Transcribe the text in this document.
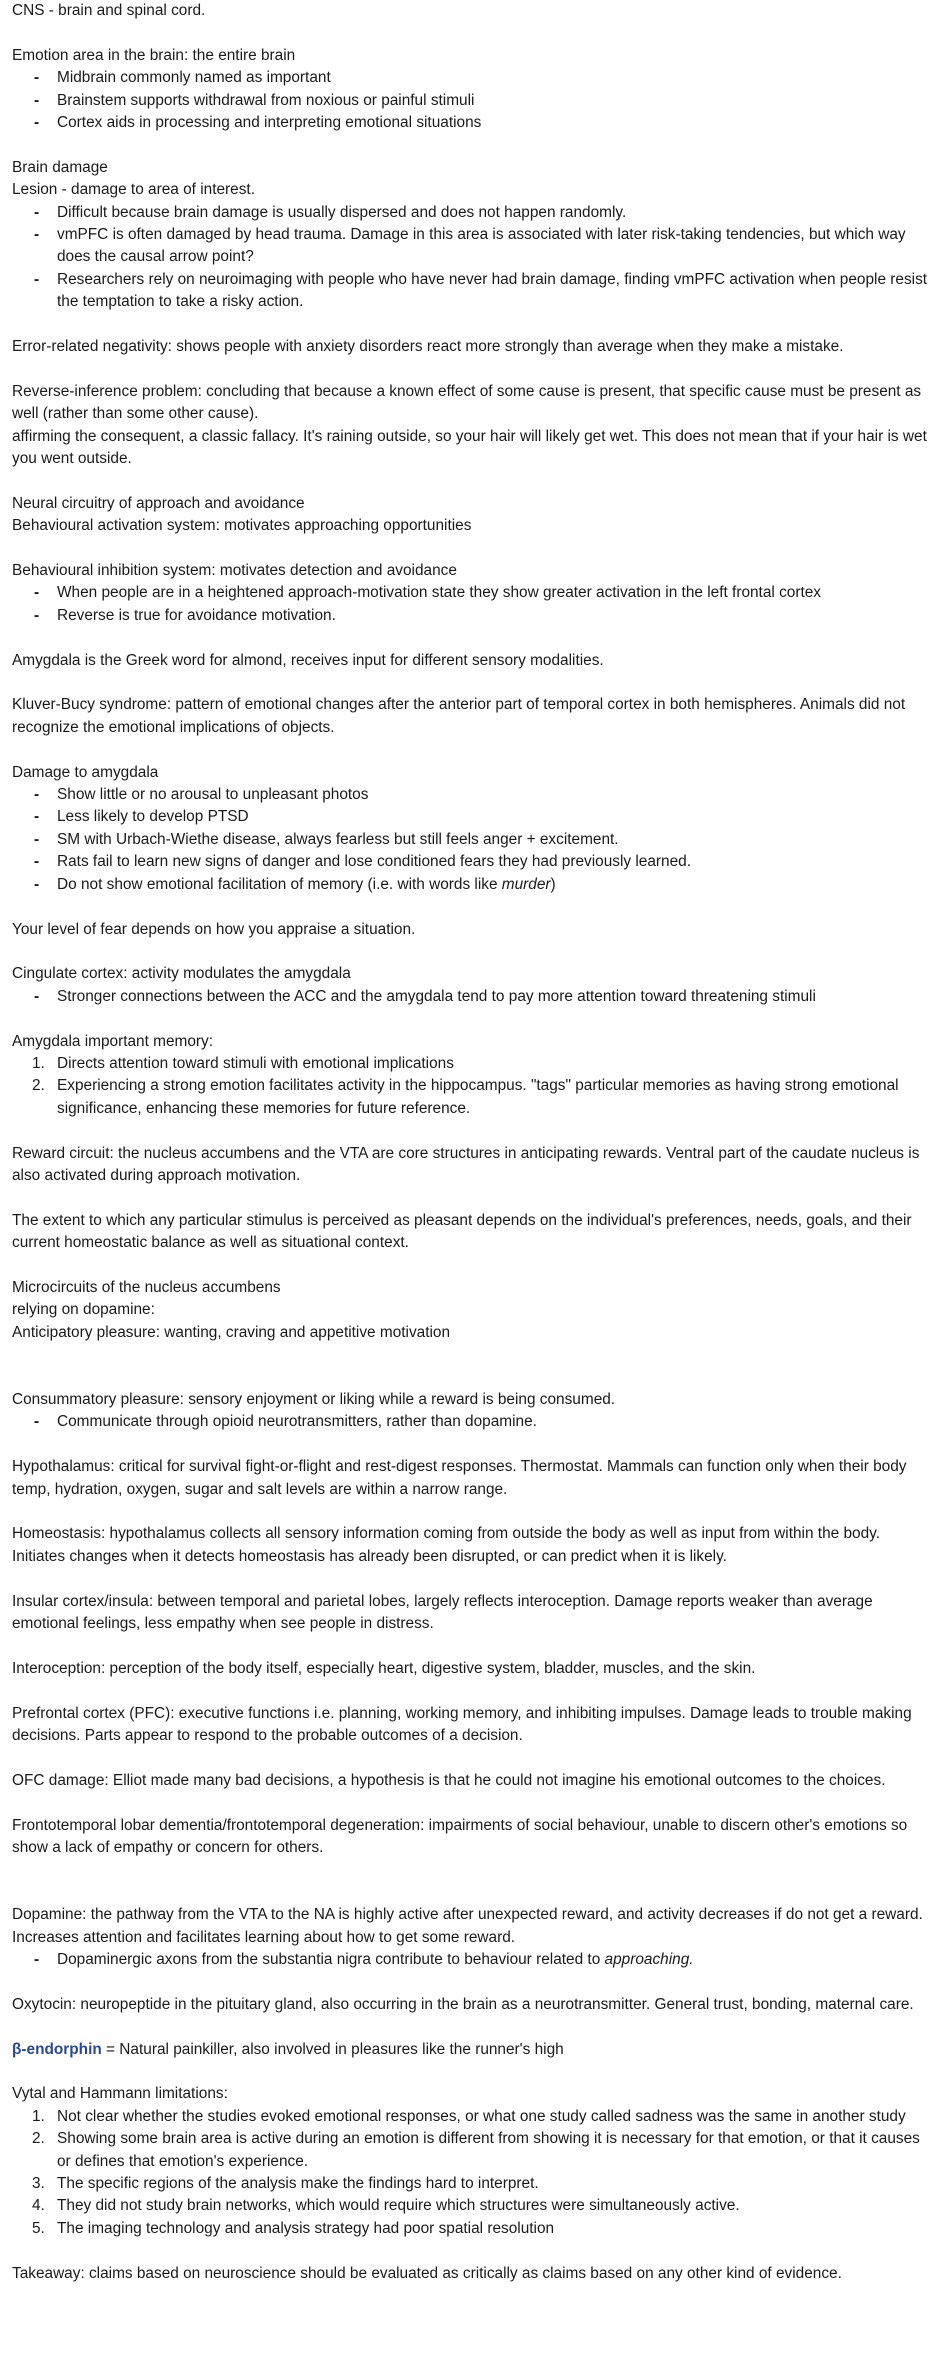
CNS - brain and spinal cord.

Emotion area in the brain: the entire brain

- Midbrain commonly named as important
- Brainstem supports withdrawal from noxious or painful stimuli
- Cortex aids in processing and interpreting emotional situations

Brain damage

Lesion - damage to area of interest.

- Difficult because brain damage is usually dispersed and does not happen randomly.
- vmPFC is often damaged by head trauma. Damage in this area is associated with later risk-taking tendencies, but which way does the causal arrow point?
- Researchers rely on neuroimaging with people who have never had brain damage, finding vmPFC activation when people resist the temptation to take a risky action.

Error-related negativity: shows people with anxiety disorders react more strongly than average when they make a mistake.

Reverse-inference problem: concluding that because a known effect of some cause is present, that specific cause must be present as well (rather than some other cause).

affirming the consequent, a classic fallacy. It's raining outside, so your hair will likely get wet. This does not mean that if your hair is wet you went outside.

Neural circuitry of approach and avoidance

Behavioural activation system: motivates approaching opportunities

Behavioural inhibition system: motivates detection and avoidance

- When people are in a heightened approach-motivation state they show greater activation in the left frontal cortex
- Reverse is true for avoidance motivation.

Amygdala is the Greek word for almond, receives input for different sensory modalities.

Kluver-Bucy syndrome: pattern of emotional changes after the anterior part of temporal cortex in both hemispheres. Animals did not recognize the emotional implications of objects.

Damage to amygdala

- Show little or no arousal to unpleasant photos
- Less likely to develop PTSD
- SM with Urbach-Wiethe disease, always fearless but still feels anger + excitement.
- Rats fail to learn new signs of danger and lose conditioned fears they had previously learned.
- Do not show emotional facilitation of memory (i.e. with words like murder)

Your level of fear depends on how you appraise a situation.

Cingulate cortex: activity modulates the amygdala

- Stronger connections between the ACC and the amygdala tend to pay more attention toward threatening stimuli

Amygdala important memory:

1. Directs attention toward stimuli with emotional implications
2. Experiencing a strong emotion facilitates activity in the hippocampus. "tags" particular memories as having strong emotional significance, enhancing these memories for future reference.

Reward circuit: the nucleus accumbens and the VTA are core structures in anticipating rewards. Ventral part of the caudate nucleus is also activated during approach motivation.

The extent to which any particular stimulus is perceived as pleasant depends on the individual's preferences, needs, goals, and their current homeostatic balance as well as situational context.

Microcircuits of the nucleus accumbens

relying on dopamine:

Anticipatory pleasure: wanting, craving and appetitive motivation

Consummatory pleasure: sensory enjoyment or liking while a reward is being consumed.

- Communicate through opioid neurotransmitters, rather than dopamine.

Hypothalamus: critical for survival fight-or-flight and rest-digest responses. Thermostat. Mammals can function only when their body temp, hydration, oxygen, sugar and salt levels are within a narrow range.

Homeostasis: hypothalamus collects all sensory information coming from outside the body as well as input from within the body. Initiates changes when it detects homeostasis has already been disrupted, or can predict when it is likely.

Insular cortex/insula: between temporal and parietal lobes, largely reflects interoception. Damage reports weaker than average emotional feelings, less empathy when see people in distress.

Interoception: perception of the body itself, especially heart, digestive system, bladder, muscles, and the skin.

Prefrontal cortex (PFC): executive functions i.e. planning, working memory, and inhibiting impulses. Damage leads to trouble making decisions. Parts appear to respond to the probable outcomes of a decision.

OFC damage: Elliot made many bad decisions, a hypothesis is that he could not imagine his emotional outcomes to the choices.

Frontotemporal lobar dementia/frontotemporal degeneration: impairments of social behaviour, unable to discern other's emotions so show a lack of empathy or concern for others.

Dopamine: the pathway from the VTA to the NA is highly active after unexpected reward, and activity decreases if do not get a reward. Increases attention and facilitates learning about how to get some reward.

- Dopaminergic axons from the substantia nigra contribute to behaviour related to approaching.

Oxytocin: neuropeptide in the pituitary gland, also occurring in the brain as a neurotransmitter. General trust, bonding, maternal care.

β-endorphin = Natural painkiller, also involved in pleasures like the runner's high

Vytal and Hammann limitations:

1. Not clear whether the studies evoked emotional responses, or what one study called sadness was the same in another study
2. Showing some brain area is active during an emotion is different from showing it is necessary for that emotion, or that it causes or defines that emotion's experience.
3. The specific regions of the analysis make the findings hard to interpret.
4. They did not study brain networks, which would require which structures were simultaneously active.
5. The imaging technology and analysis strategy had poor spatial resolution

Takeaway: claims based on neuroscience should be evaluated as critically as claims based on any other kind of evidence.
